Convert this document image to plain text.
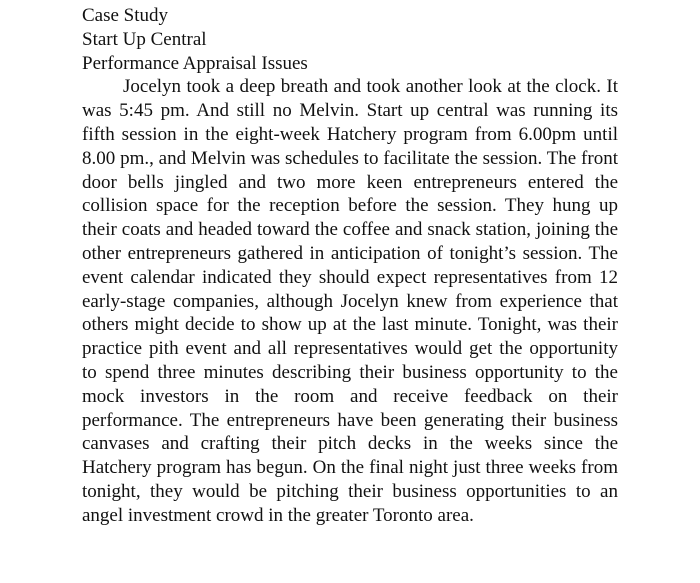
Case Study
Start Up Central
Performance Appraisal Issues

Jocelyn took a deep breath and took another look at the clock. It was 5:45 pm. And still no Melvin. Start up central was running its fifth session in the eight-week Hatchery program from 6.00pm until 8.00 pm., and Melvin was schedules to facilitate the session. The front door bells jingled and two more keen entrepreneurs entered the collision space for the reception before the session. They hung up their coats and headed toward the coffee and snack station, joining the other entrepreneurs gathered in anticipation of tonight’s session. The event calendar indicated they should expect representatives from 12 early-stage companies, although Jocelyn knew from experience that others might decide to show up at the last minute. Tonight, was their practice pith event and all representatives would get the opportunity to spend three minutes describing their business opportunity to the mock investors in the room and receive feedback on their performance. The entrepreneurs have been generating their business canvases and crafting their pitch decks in the weeks since the Hatchery program has begun. On the final night just three weeks from tonight, they would be pitching their business opportunities to an angel investment crowd in the greater Toronto area.
